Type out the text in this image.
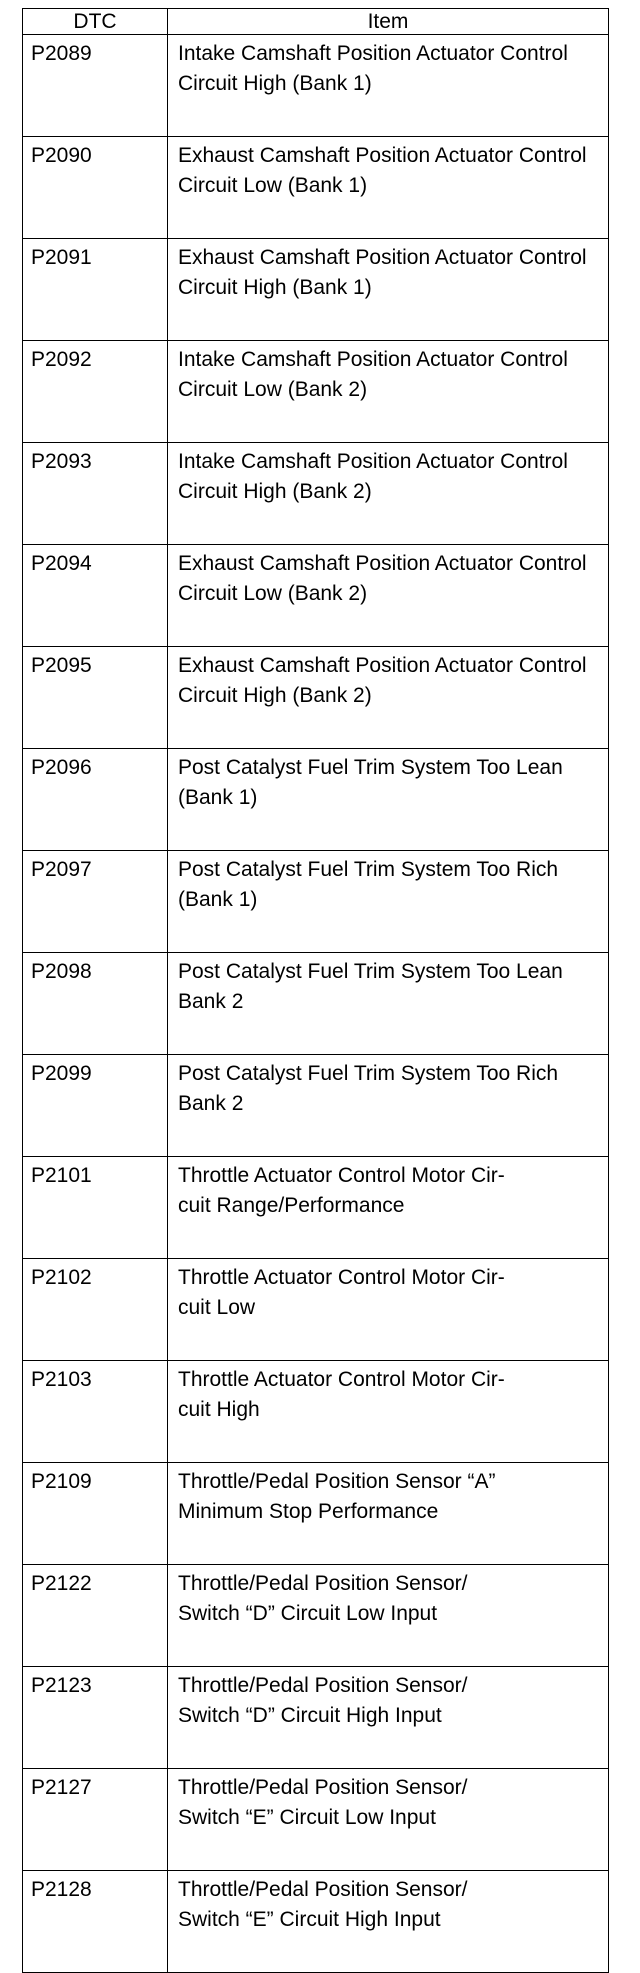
DTC	Item
P2089	Intake Camshaft Position Actuator Control Circuit High (Bank 1)
P2090	Exhaust Camshaft Position Actuator Control Circuit Low (Bank 1)
P2091	Exhaust Camshaft Position Actuator Control Circuit High (Bank 1)
P2092	Intake Camshaft Position Actuator Control Circuit Low (Bank 2)
P2093	Intake Camshaft Position Actuator Control Circuit High (Bank 2)
P2094	Exhaust Camshaft Position Actuator Control Circuit Low (Bank 2)
P2095	Exhaust Camshaft Position Actuator Control Circuit High (Bank 2)
P2096	Post Catalyst Fuel Trim System Too Lean (Bank 1)
P2097	Post Catalyst Fuel Trim System Too Rich (Bank 1)
P2098	Post Catalyst Fuel Trim System Too Lean Bank 2
P2099	Post Catalyst Fuel Trim System Too Rich Bank 2
P2101	Throttle Actuator Control Motor Cir-
cuit Range/Performance
P2102	Throttle Actuator Control Motor Cir-
cuit Low
P2103	Throttle Actuator Control Motor Cir-
cuit High
P2109	Throttle/Pedal Position Sensor “A”
Minimum Stop Performance
P2122	Throttle/Pedal Position Sensor/
Switch “D” Circuit Low Input
P2123	Throttle/Pedal Position Sensor/
Switch “D” Circuit High Input
P2127	Throttle/Pedal Position Sensor/
Switch “E” Circuit Low Input
P2128	Throttle/Pedal Position Sensor/
Switch “E” Circuit High Input
